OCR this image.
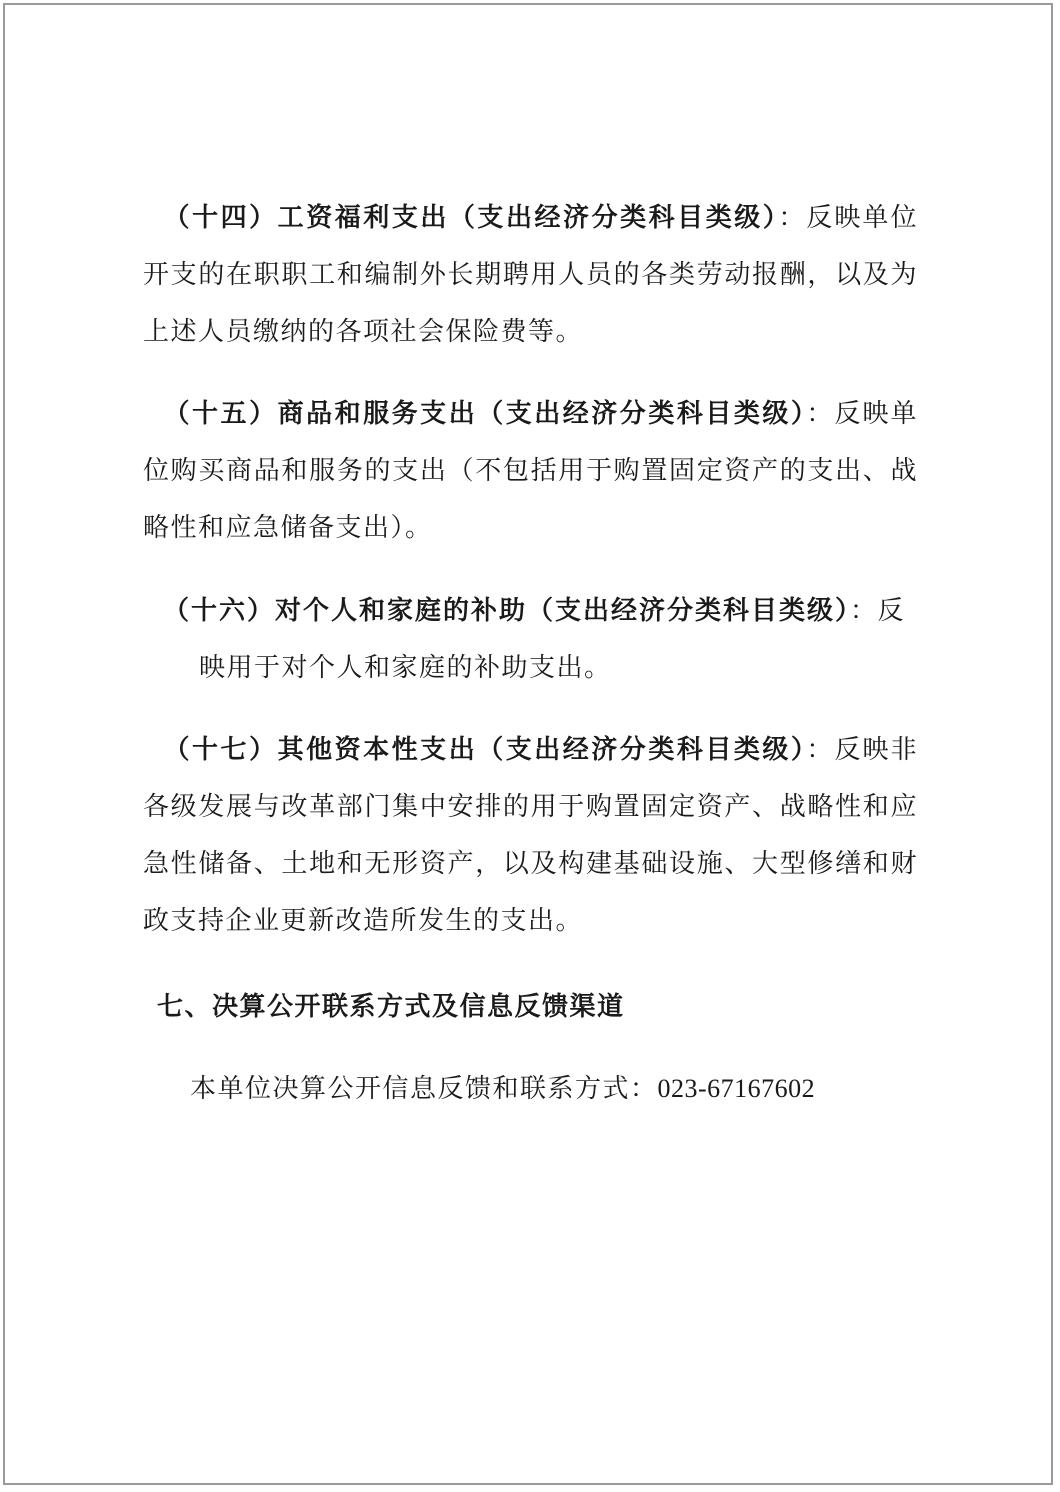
（十四）工资福利支出（支出经济分类科目类级）：反映单位开支的在职职工和编制外长期聘用人员的各类劳动报酬，以及为上述人员缴纳的各项社会保险费等。

（十五）商品和服务支出（支出经济分类科目类级）：反映单位购买商品和服务的支出（不包括用于购置固定资产的支出、战略性和应急储备支出）。

（十六）对个人和家庭的补助（支出经济分类科目类级）：反
映用于对个人和家庭的补助支出。

（十七）其他资本性支出（支出经济分类科目类级）：反映非各级发展与改革部门集中安排的用于购置固定资产、战略性和应急性储备、土地和无形资产，以及构建基础设施、大型修缮和财政支持企业更新改造所发生的支出。

七、决算公开联系方式及信息反馈渠道

本单位决算公开信息反馈和联系方式：023-67167602
